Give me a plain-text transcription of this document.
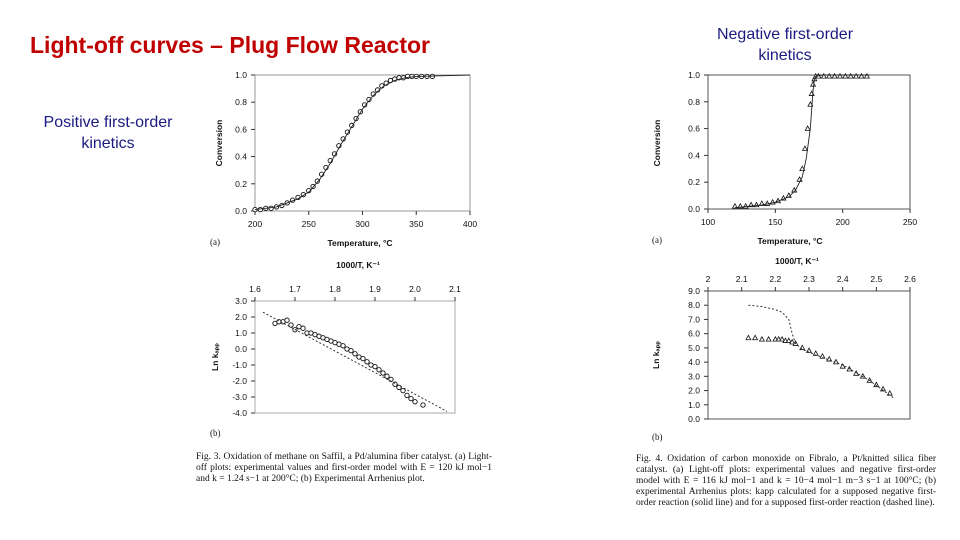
Light-off curves – Plug Flow Reactor
Positive first-order kinetics
Negative first-order kinetics
0.0
0.2
0.4
0.6
0.8
1.0
200	250	300	350	400
Temperature, °C
Conversion
(a)
3.0
2.0
1.0
0.0
-1.0
-2.0
-3.0
-4.0
1.6	1.7	1.8	1.9	2.0	2.1
1000/T, K⁻¹
Ln kₐₚₚ
(b)
0.0
0.2
0.4
0.6
0.8
1.0
100	150	200	250
Temperature, °C
Conversion
(a)
9.0
8.0
7.0
6.0
5.0
4.0
3.0
2.0
1.0
0.0
2	2.1	2.2	2.3	2.4	2.5	2.6
1000/T, K⁻¹
Ln kₐₚₚ
(b)
Fig. 3. Oxidation of methane on Saffil, a Pd/alumina fiber catalyst. (a) Light-off plots: experimental values and first-order model with E = 120 kJ mol−1 and k = 1.24 s−1 at 200°C; (b) Experimental Arrhenius plot.
Fig. 4. Oxidation of carbon monoxide on Fibralo, a Pt/knitted silica fiber catalyst. (a) Light-off plots: experimental values and negative first-order model with E = 116 kJ mol−1 and k = 10−4 mol−1 m−3 s−1 at 100°C; (b) experimental Arrhenius plots: kapp calculated for a supposed negative first-order reaction (solid line) and for a supposed first-order reaction (dashed line).
